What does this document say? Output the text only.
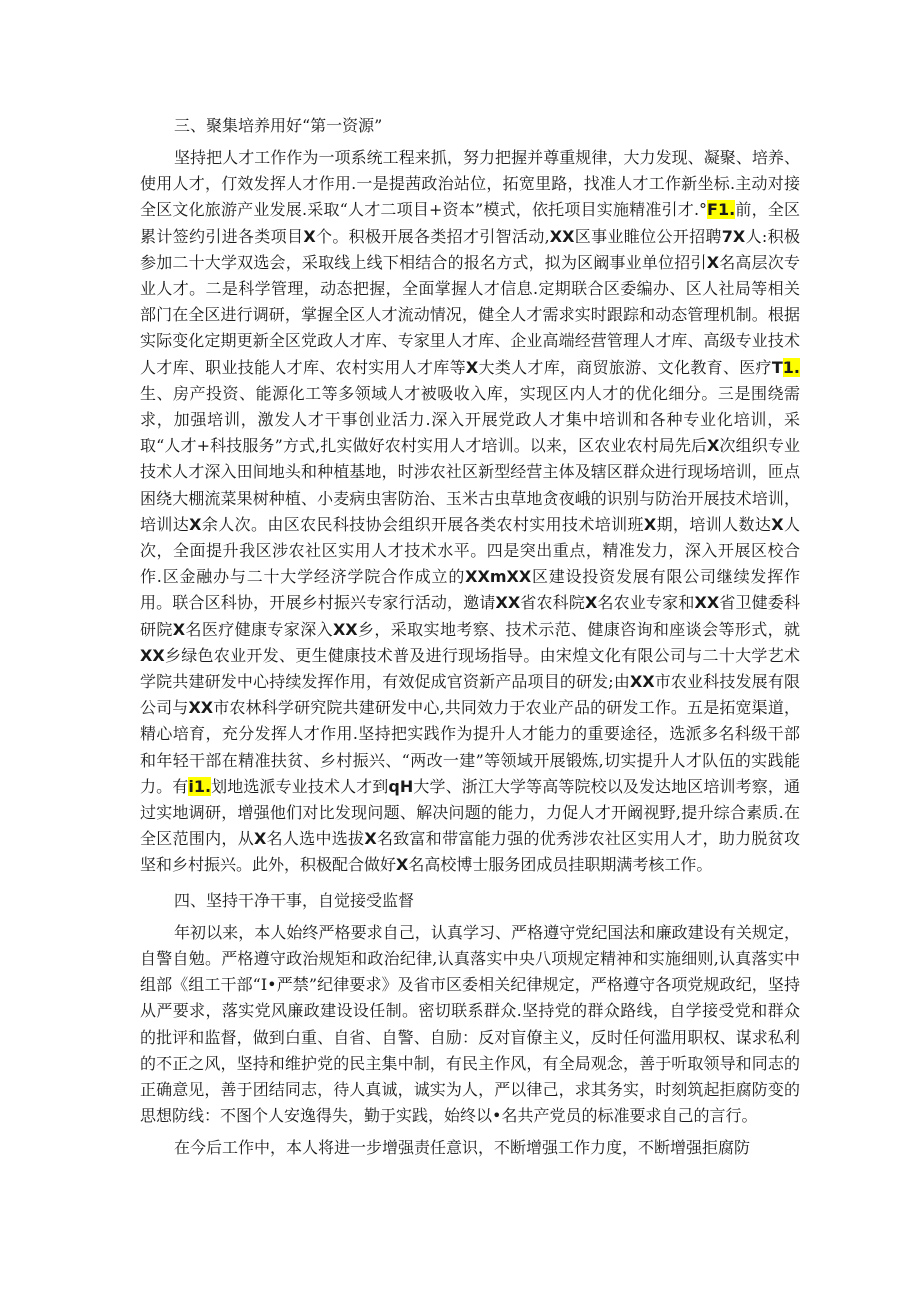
三、聚集培养用好“第一资源”

坚持把人才工作作为一项系统工程来抓，努力把握并尊重规律，大力发现、凝聚、培养、使用人才，仃效发挥人才作用.一是提茜政治站位，拓宽里路，找准人才工作新坐标.主动对接全区文化旅游产业发展.采取“人才二项目+资本”模式，依托项目实施精准引才.°F1.前，全区累计签约引进各类项目X个。积极开展各类招才引智活动,XX区事业睢位公开招聘7X人:积极参加二十大学双选会，采取线上线下相结合的报名方式，拟为区阚事业单位招引X名高层次专业人才。二是科学管理，动态把握，全面掌握人才信息.定期联合区委编办、区人社局等相关部门在全区进行调研，掌握全区人才流动情况，健全人才需求实时跟踪和动态管理机制。根据实际变化定期更新全区党政人才库、专家里人才库、企业高端经营管理人才库、高级专业技术人才库、职业技能人才库、农村实用人才库等X大类人才库，商贸旅游、文化教育、医疗T1.生、房产投资、能源化工等多领域人才被吸收入库，实现区内人才的优化细分。三是围绕需求，加强培训，激发人才干事创业活力.深入开展党政人才集中培训和各种专业化培训，采取“人才+科技服务”方式,扎实做好农村实用人才培训。以来，区农业农村局先后X次组织专业技术人才深入田间地头和种植基地，时涉农社区新型经营主体及辖区群众进行现场培训，匝点困绕大棚流菜果树种植、小麦病虫害防治、玉米古虫草地贪夜峨的识别与防治开展技术培训，培训达X余人次。由区农民科技协会组织开展各类农村实用技术培训班X期，培训人数达X人次，全面提升我区涉农社区实用人才技术水平。四是突出重点，精准发力，深入开展区校合作.区金融办与二十大学经济学院合作成立的XXmXX区建设投资发展有限公司继续发挥作用。联合区科协，开展乡村振兴专家行活动，邀请XX省农科院X名农业专家和XX省卫健委科研院X名医疗健康专家深入XX乡，采取实地考察、技术示范、健康咨询和座谈会等形式，就XX乡绿色农业开发、更生健康技术普及进行现场指导。由宋煌文化有限公司与二十大学艺术学院共建研发中心持续发挥作用，有效促成官资新产品项目的研发;由XX市农业科技发展有限公司与XX市农林科学研究院共建研发中心,共同效力于农业产品的研发工作。五是拓宽渠道，精心培育，充分发挥人才作用.坚持把实践作为提升人才能力的重要途径，选派多名科级干部和年轻干部在精准扶贫、乡村振兴、“两改一建”等领域开展锻炼,切实提升人才队伍的实践能力。有i1.划地选派专业技术人才到qH大学、浙江大学等高等院校以及发达地区培训考察，通过实地调研，增强他们对比发现问题、解决问题的能力，力促人才开阚视野,提升综合素质.在全区范围内，从X名人选中选拔X名致富和带富能力强的优秀涉农社区实用人才，助力脱贫攻坚和乡村振兴。此外，积极配合做好X名高校博士服务团成员挂职期满考核工作。

四、坚持干净干事，自觉接受监督

年初以来，本人始终严格要求自己，认真学习、严格遵守党纪国法和廉政建设有关规定，自警自勉。严格遵守政治规矩和政治纪律,认真落实中央八项规定精神和实施细则,认真落实中组部《组工干部“I•严禁”纪律要求》及省市区委相关纪律规定，严格遵守各项党规政纪，坚持从严要求，落实党风廉政建设设任制。密切联系群众.坚持党的群众路线，自学接受党和群众的批评和监督，做到白重、自省、自警、自励：反对盲僚主义，反时任何滥用职权、谋求私利的不正之风，坚持和维护党的民主集中制，有民主作风，有全局观念，善于听取领导和同志的正确意见，善于团结同志，待人真诚，诚实为人，严以律己，求其务实，时刻筑起拒腐防变的思想防线：不图个人安逸得失，勤于实践，始终以•名共产党员的标准要求自己的言行。

在今后工作中，本人将进一步增强责任意识，不断增强工作力度，不断增强拒腐防
